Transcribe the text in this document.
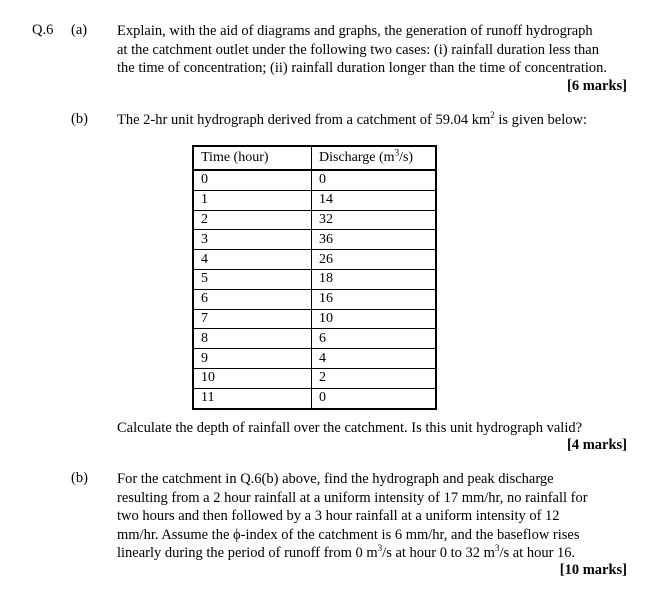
Q.6 (a) Explain, with the aid of diagrams and graphs, the generation of runoff hydrograph
at the catchment outlet under the following two cases: (i) rainfall duration less than
the time of concentration; (ii) rainfall duration longer than the time of concentration.
[6 marks]
(b) The 2-hr unit hydrograph derived from a catchment of 59.04 $km^2$ is given below:
Time (hour)	Discharge $(m^3/s)$
0	0
1	14
2	32
3	36
4	26
5	18
6	16
7	10
8	6
9	4
10	2
11	0
Calculate the depth of rainfall over the catchment. Is this unit hydrograph valid?
[4 marks]
(b) For the catchment in Q.6(b) above, find the hydrograph and peak discharge
resulting from a 2 hour rainfall at a uniform intensity of 17 mm/hr, no rainfall for
two hours and then followed by a 3 hour rainfall at a uniform intensity of 12
mm/hr. Assume the ϕ-index of the catchment is 6 mm/hr, and the baseflow rises
linearly during the period of runoff from 0 $m^3/s$ at hour 0 to 32 $m^3/s$ at hour 16.
[10 marks]
